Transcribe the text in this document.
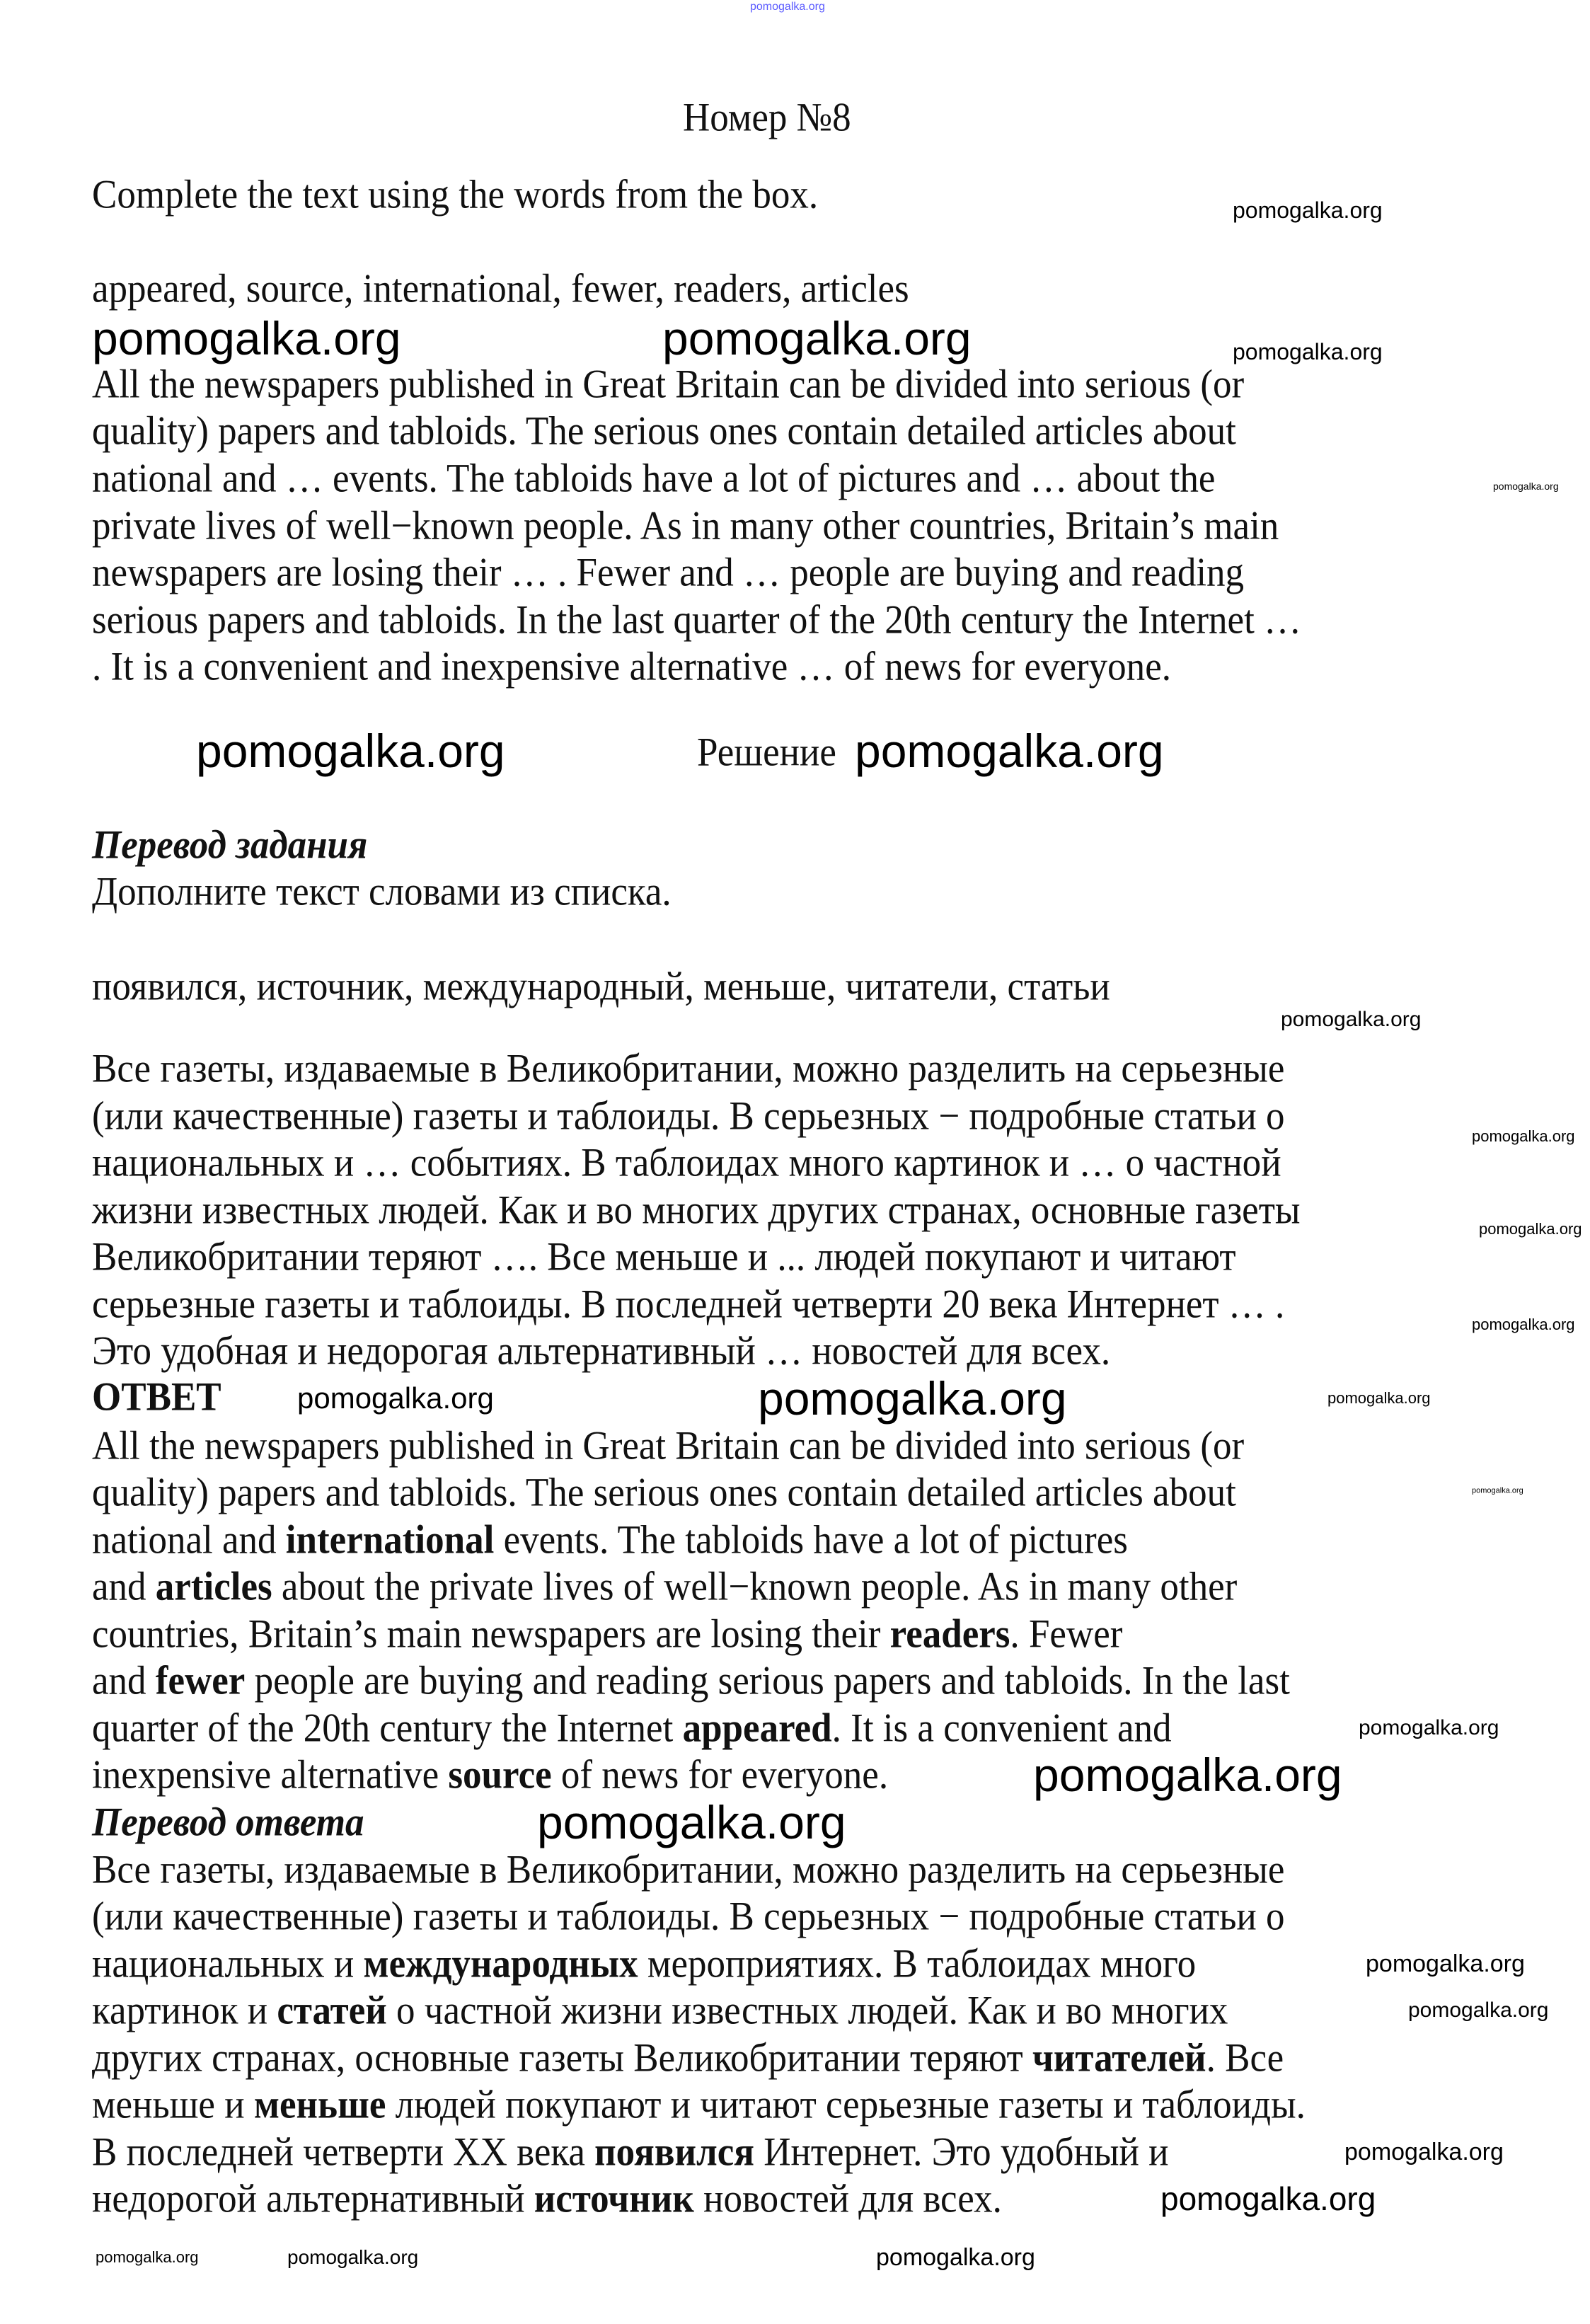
Номер №8
Complete the text using the words from the box.
appeared, source, international, fewer, readers, articles
All the newspapers published in Great Britain can be divided into serious (or
quality) papers and tabloids. The serious ones contain detailed articles about
national and … events. The tabloids have a lot of pictures and … about the
private lives of well−known people. As in many other countries, Britain’s main
newspapers are losing their … . Fewer and … people are buying and reading
serious papers and tabloids. In the last quarter of the 20th century the Internet …
. It is a convenient and inexpensive alternative … of news for everyone.
Решение
Перевод задания
Дополните текст словами из списка.
появился, источник, международный, меньше, читатели, статьи
Все газеты, издаваемые в Великобритании, можно разделить на серьезные
(или качественные) газеты и таблоиды. В серьезных − подробные статьи о
национальных и … событиях. В таблоидах много картинок и … о частной
жизни известных людей. Как и во многих других странах, основные газеты
Великобритании теряют …. Все меньше и ... людей покупают и читают
серьезные газеты и таблоиды. В последней четверти 20 века Интернет … .
Это удобная и недорогая альтернативный … новостей для всех.
ОТВЕТ
All the newspapers published in Great Britain can be divided into serious (or
quality) papers and tabloids. The serious ones contain detailed articles about
national and international events. The tabloids have a lot of pictures
and articles about the private lives of well−known people. As in many other
countries, Britain’s main newspapers are losing their readers. Fewer
and fewer people are buying and reading serious papers and tabloids. In the last
quarter of the 20th century the Internet appeared. It is a convenient and
inexpensive alternative source of news for everyone.
Перевод ответа
Все газеты, издаваемые в Великобритании, можно разделить на серьезные
(или качественные) газеты и таблоиды. В серьезных − подробные статьи о
национальных и международных мероприятиях. В таблоидах много
картинок и статей о частной жизни известных людей. Как и во многих
других странах, основные газеты Великобритании теряют читателей. Все
меньше и меньше людей покупают и читают серьезные газеты и таблоиды.
В последней четверти XX века появился Интернет. Это удобный и
недорогой альтернативный источник новостей для всех.
pomogalka.org
pomogalka.org
pomogalka.org	pomogalka.org	pomogalka.org
pomogalka.org
pomogalka.org	pomogalka.org
pomogalka.org
pomogalka.org
pomogalka.org
pomogalka.org
pomogalka.org	pomogalka.org	pomogalka.org
pomogalka.org
pomogalka.org
pomogalka.org
pomogalka.org
pomogalka.org
pomogalka.org
pomogalka.org
pomogalka.org
pomogalka.org	pomogalka.org
pomogalka.org
